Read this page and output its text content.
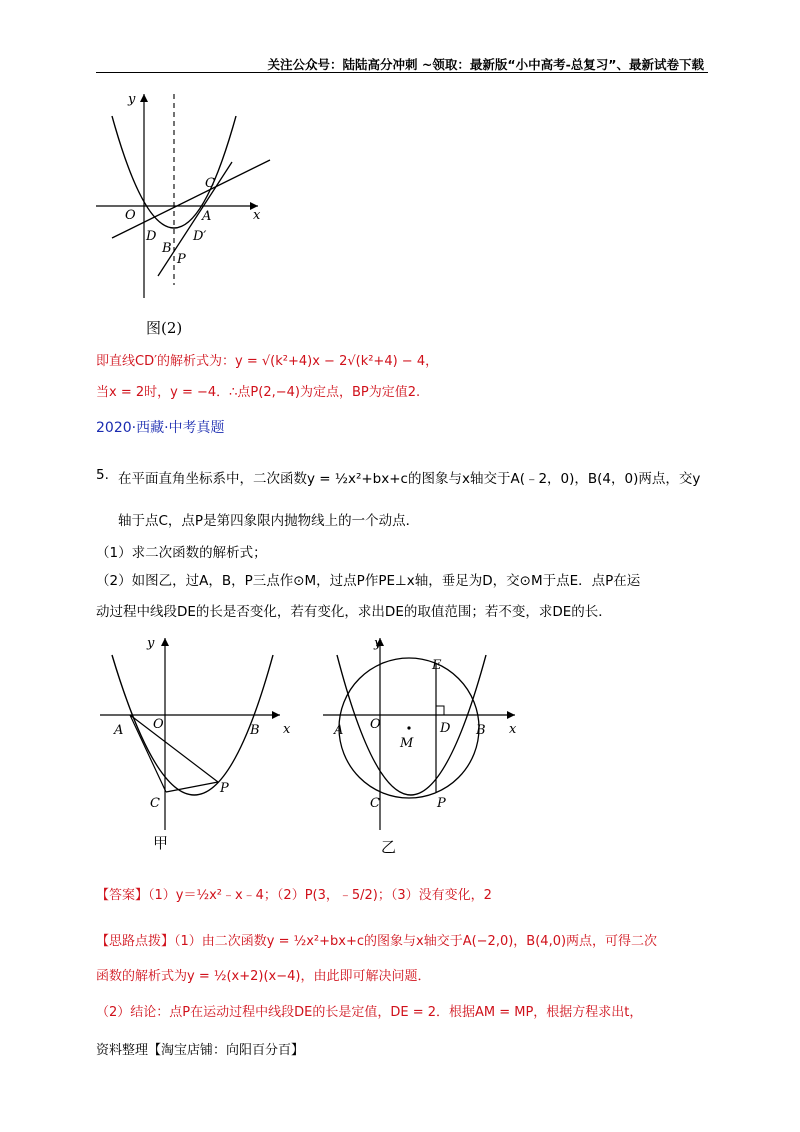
关注公众号：陆陆高分冲刺 ~领取：最新版“小中高考-总复习”、最新试卷下载
y
x
O
C
A
D	D′
B
P
图(2)
即直线CD′的解析式为：y = √(k²+4)x − 2√(k²+4) − 4，
当x = 2时，y = −4．∴点P(2,−4)为定点，BP为定值2.
2020·西藏·中考真题
5. 在平面直角坐标系中，二次函数y = ½x²+bx+c的图象与x轴交于A(﹣2，0)，B(4，0)两点，交y
轴于点C，点P是第四象限内抛物线上的一个动点．
（1）求二次函数的解析式；
（2）如图乙，过A，B，P三点作⊙M，过点P作PE⊥x轴，垂足为D，交⊙M于点E．点P在运
动过程中线段DE的长是否变化，若有变化，求出DE的取值范围；若不变，求DE的长．
y
x
O
A	B
C
P
甲
y
x
O
A	B
C	P
D
E
M
乙
【答案】（1）y＝½x²﹣x﹣4；（2）P(3，﹣5/2)；（3）没有变化，2
【思路点拨】（1）由二次函数y = ½x²+bx+c的图象与x轴交于A(−2,0)，B(4,0)两点，可得二次
函数的解析式为y = ½(x+2)(x−4)，由此即可解决问题．
（2）结论：点P在运动过程中线段DE的长是定值，DE = 2．根据AM = MP，根据方程求出t，
资料整理【淘宝店铺：向阳百分百】
